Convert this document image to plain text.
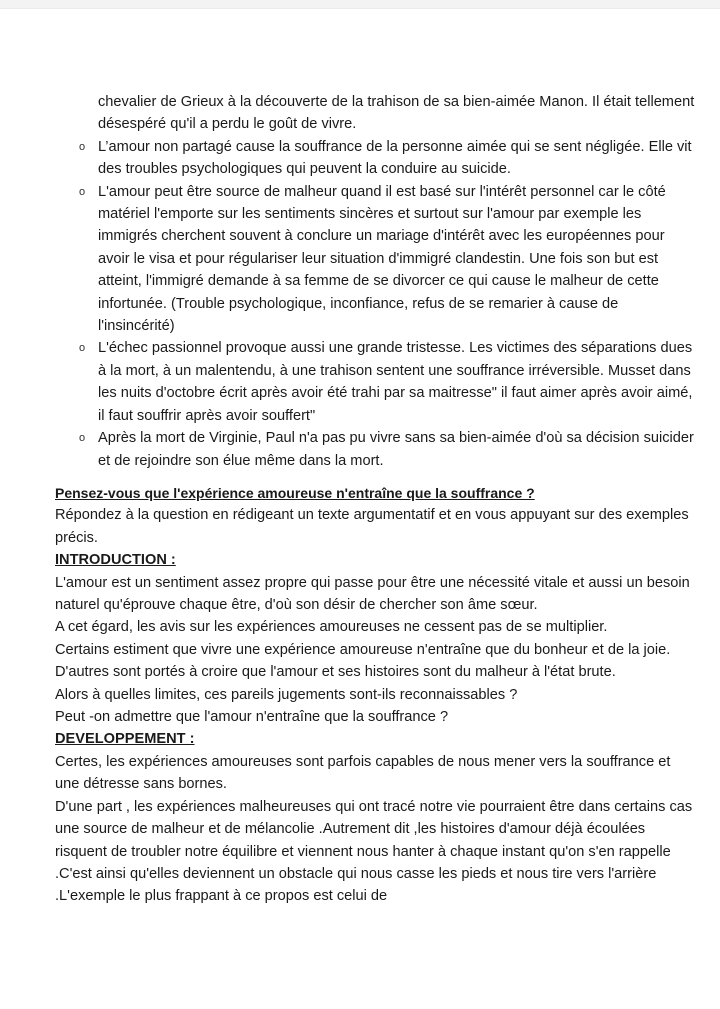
chevalier de Grieux à la découverte de la trahison de sa bien-aimée Manon. Il était tellement désespéré qu'il a perdu le goût de vivre.
o L’amour non partagé cause la souffrance de la personne aimée qui se sent négligée. Elle vit des troubles psychologiques qui peuvent la conduire au suicide.
o L'amour peut être source de malheur quand il est basé sur l'intérêt personnel car le côté matériel l'emporte sur les sentiments sincères et surtout sur l'amour par exemple les immigrés cherchent souvent à conclure un mariage d'intérêt avec les européennes pour avoir le visa et pour régulariser leur situation d'immigré clandestin. Une fois son but est atteint, l'immigré demande à sa femme de se divorcer ce qui cause le malheur de cette infortunée. (Trouble psychologique, inconfiance, refus de se remarier à cause de l'insincérité)
o L'échec passionnel provoque aussi une grande tristesse. Les victimes des séparations dues à la mort, à un malentendu, à une trahison sentent une souffrance irréversible. Musset dans les nuits d'octobre écrit après avoir été trahi par sa maitresse" il faut aimer après avoir aimé, il faut souffrir après avoir souffert"
o Après la mort de Virginie, Paul n'a pas pu vivre sans sa bien-aimée d'où sa décision suicider et de rejoindre son élue même dans la mort.

Pensez-vous que l'expérience amoureuse n'entraîne que la souffrance ?

Répondez à la question en rédigeant un texte argumentatif et en vous appuyant sur des exemples précis.

INTRODUCTION :

L'amour est un sentiment assez propre qui passe pour être une nécessité vitale et aussi un besoin naturel qu'éprouve chaque être, d'où son désir de chercher son âme sœur.

A cet égard, les avis sur les expériences amoureuses ne cessent pas de se multiplier.

Certains estiment que vivre une expérience amoureuse n'entraîne que du bonheur et de la joie. D'autres sont portés à croire que l'amour et ses histoires sont du malheur à l'état brute.

Alors à quelles limites, ces pareils jugements sont-ils reconnaissables ?

Peut -on admettre que l'amour n'entraîne que la souffrance ?

DEVELOPPEMENT :

Certes, les expériences amoureuses sont parfois capables de nous mener vers la souffrance et une détresse sans bornes.

D'une part , les expériences malheureuses qui ont tracé notre vie pourraient être dans certains cas une source de malheur et de mélancolie .Autrement dit ,les histoires d'amour déjà écoulées risquent de troubler notre équilibre et viennent nous hanter à chaque instant qu'on s'en rappelle .C'est ainsi qu'elles deviennent un obstacle qui nous casse les pieds et nous tire vers l'arrière .L'exemple le plus frappant à ce propos est celui de
